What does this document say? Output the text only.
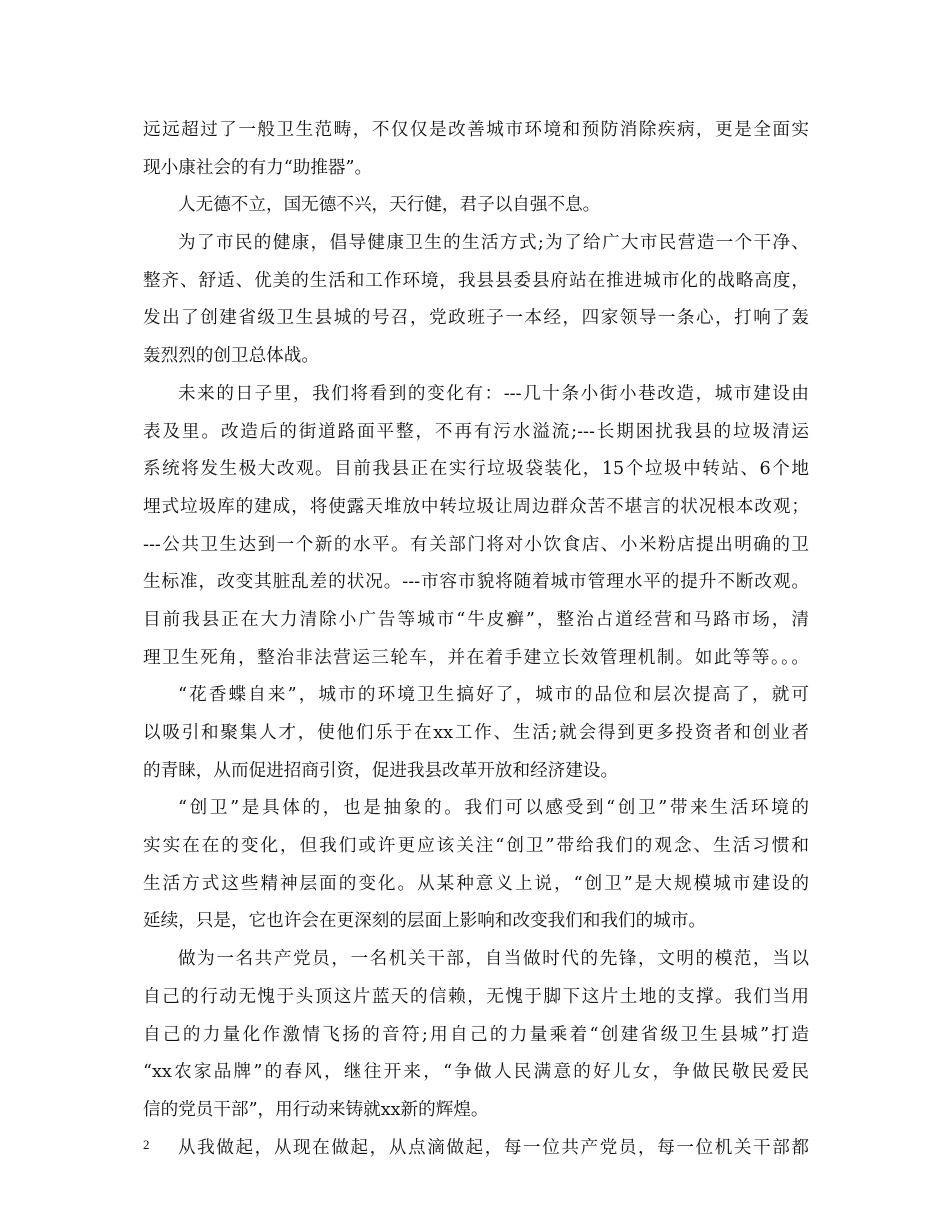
远远超过了一般卫生范畴，不仅仅是改善城市环境和预防消除疾病，更是全面实
现小康社会的有力“助推器”。
人无德不立，国无德不兴，天行健，君子以自强不息。
为了市民的健康，倡导健康卫生的生活方式;为了给广大市民营造一个干净、
整齐、舒适、优美的生活和工作环境，我县县委县府站在推进城市化的战略高度，
发出了创建省级卫生县城的号召，党政班子一本经，四家领导一条心，打响了轰
轰烈烈的创卫总体战。
未来的日子里，我们将看到的变化有：---几十条小街小巷改造，城市建设由
表及里。改造后的街道路面平整，不再有污水溢流;---长期困扰我县的垃圾清运
系统将发生极大改观。目前我县正在实行垃圾袋装化，15个垃圾中转站、6个地
埋式垃圾库的建成，将使露天堆放中转垃圾让周边群众苦不堪言的状况根本改观；
---公共卫生达到一个新的水平。有关部门将对小饮食店、小米粉店提出明确的卫
生标准，改变其脏乱差的状况。---市容市貌将随着城市管理水平的提升不断改观。
目前我县正在大力清除小广告等城市“牛皮癣”，整治占道经营和马路市场，清
理卫生死角，整治非法营运三轮车，并在着手建立长效管理机制。如此等等。。。
“花香蝶自来”，城市的环境卫生搞好了，城市的品位和层次提高了，就可
以吸引和聚集人才，使他们乐于在xx工作、生活;就会得到更多投资者和创业者
的青睐，从而促进招商引资，促进我县改革开放和经济建设。
“创卫”是具体的，也是抽象的。我们可以感受到“创卫”带来生活环境的
实实在在的变化，但我们或许更应该关注“创卫”带给我们的观念、生活习惯和
生活方式这些精神层面的变化。从某种意义上说，“创卫”是大规模城市建设的
延续，只是，它也许会在更深刻的层面上影响和改变我们和我们的城市。
做为一名共产党员，一名机关干部，自当做时代的先锋，文明的模范，当以
自己的行动无愧于头顶这片蓝天的信赖，无愧于脚下这片土地的支撑。我们当用
自己的力量化作激情飞扬的音符;用自己的力量乘着“创建省级卫生县城”打造
“xx农家品牌”的春风，继往开来，“争做人民满意的好儿女，争做民敬民爱民
信的党员干部”，用行动来铸就xx新的辉煌。
从我做起，从现在做起，从点滴做起，每一位共产党员，每一位机关干部都
2
